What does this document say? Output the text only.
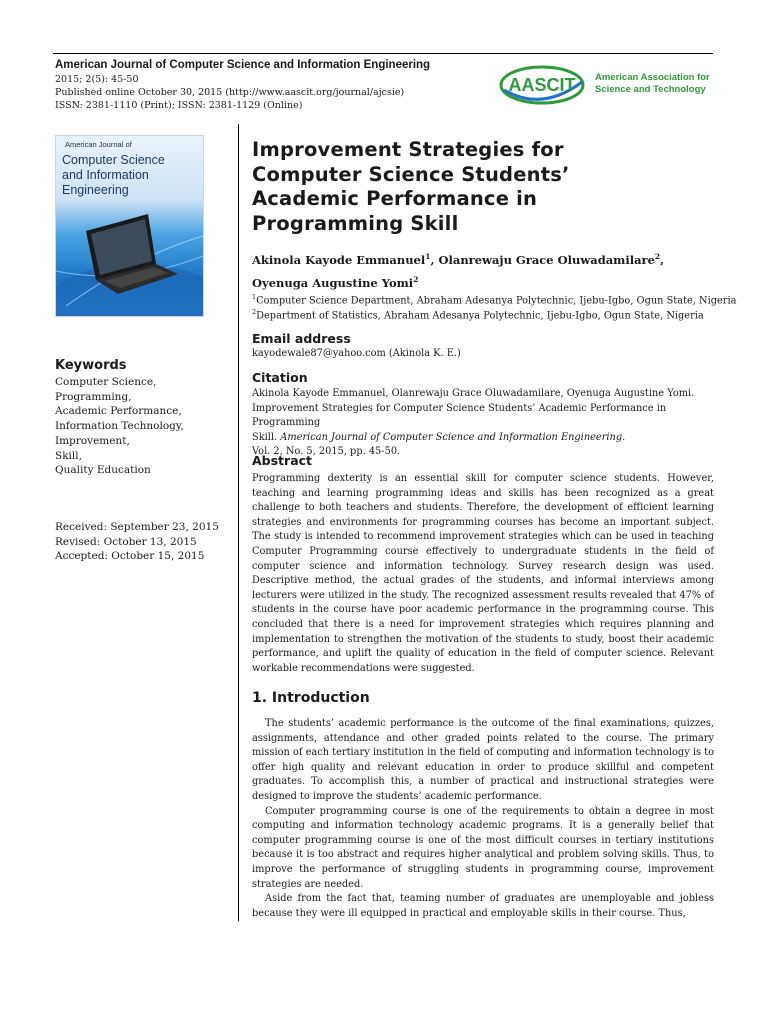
American Journal of Computer Science and Information Engineering
2015; 2(5): 45-50
Published online October 30, 2015 (http://www.aascit.org/journal/ajcsie)
ISSN: 2381-1110 (Print); ISSN: 2381-1129 (Online)
AASCIT American Association for
Science and Technology
American Journal of
Computer Science
and Information
Engineering
Keywords
Computer Science,
Programming,
Academic Performance,
Information Technology,
Improvement,
Skill,
Quality Education
Received: September 23, 2015
Revised: October 13, 2015
Accepted: October 15, 2015
Improvement Strategies for
Computer Science Students’
Academic Performance in
Programming Skill
Akinola Kayode Emmanuel$^1$, Olanrewaju Grace Oluwadamilare$^2$,
Oyenuga Augustine Yomi$^2$
$^1$Computer Science Department, Abraham Adesanya Polytechnic, Ijebu-Igbo, Ogun State, Nigeria
$^2$Department of Statistics, Abraham Adesanya Polytechnic, Ijebu-Igbo, Ogun State, Nigeria
Email address
kayodewale87@yahoo.com (Akinola K. E.)
Citation
Akinola Kayode Emmanuel, Olanrewaju Grace Oluwadamilare, Oyenuga Augustine Yomi.
Improvement Strategies for Computer Science Students’ Academic Performance in Programming
Skill. American Journal of Computer Science and Information Engineering.
Vol. 2, No. 5, 2015, pp. 45-50.
Abstract
Programming dexterity is an essential skill for computer science students. However, teaching and learning programming ideas and skills has been recognized as a great challenge to both teachers and students. Therefore, the development of efficient learning strategies and environments for programming courses has become an important subject. The study is intended to recommend improvement strategies which can be used in teaching Computer Programming course effectively to undergraduate students in the field of computer science and information technology. Survey research design was used. Descriptive method, the actual grades of the students, and informal interviews among lecturers were utilized in the study. The recognized assessment results revealed that 47% of students in the course have poor academic performance in the programming course. This concluded that there is a need for improvement strategies which requires planning and implementation to strengthen the motivation of the students to study, boost their academic performance, and uplift the quality of education in the field of computer science. Relevant workable recommendations were suggested.
1. Introduction

The students’ academic performance is the outcome of the final examinations, quizzes, assignments, attendance and other graded points related to the course. The primary mission of each tertiary institution in the field of computing and information technology is to offer high quality and relevant education in order to produce skillful and competent graduates. To accomplish this, a number of practical and instructional strategies were designed to improve the students’ academic performance.

Computer programming course is one of the requirements to obtain a degree in most computing and information technology academic programs. It is a generally belief that computer programming course is one of the most difficult courses in tertiary institutions because it is too abstract and requires higher analytical and problem solving skills. Thus, to improve the performance of struggling students in programming course, improvement strategies are needed.

Aside from the fact that, teaming number of graduates are unemployable and jobless because they were ill equipped in practical and employable skills in their course. Thus,
